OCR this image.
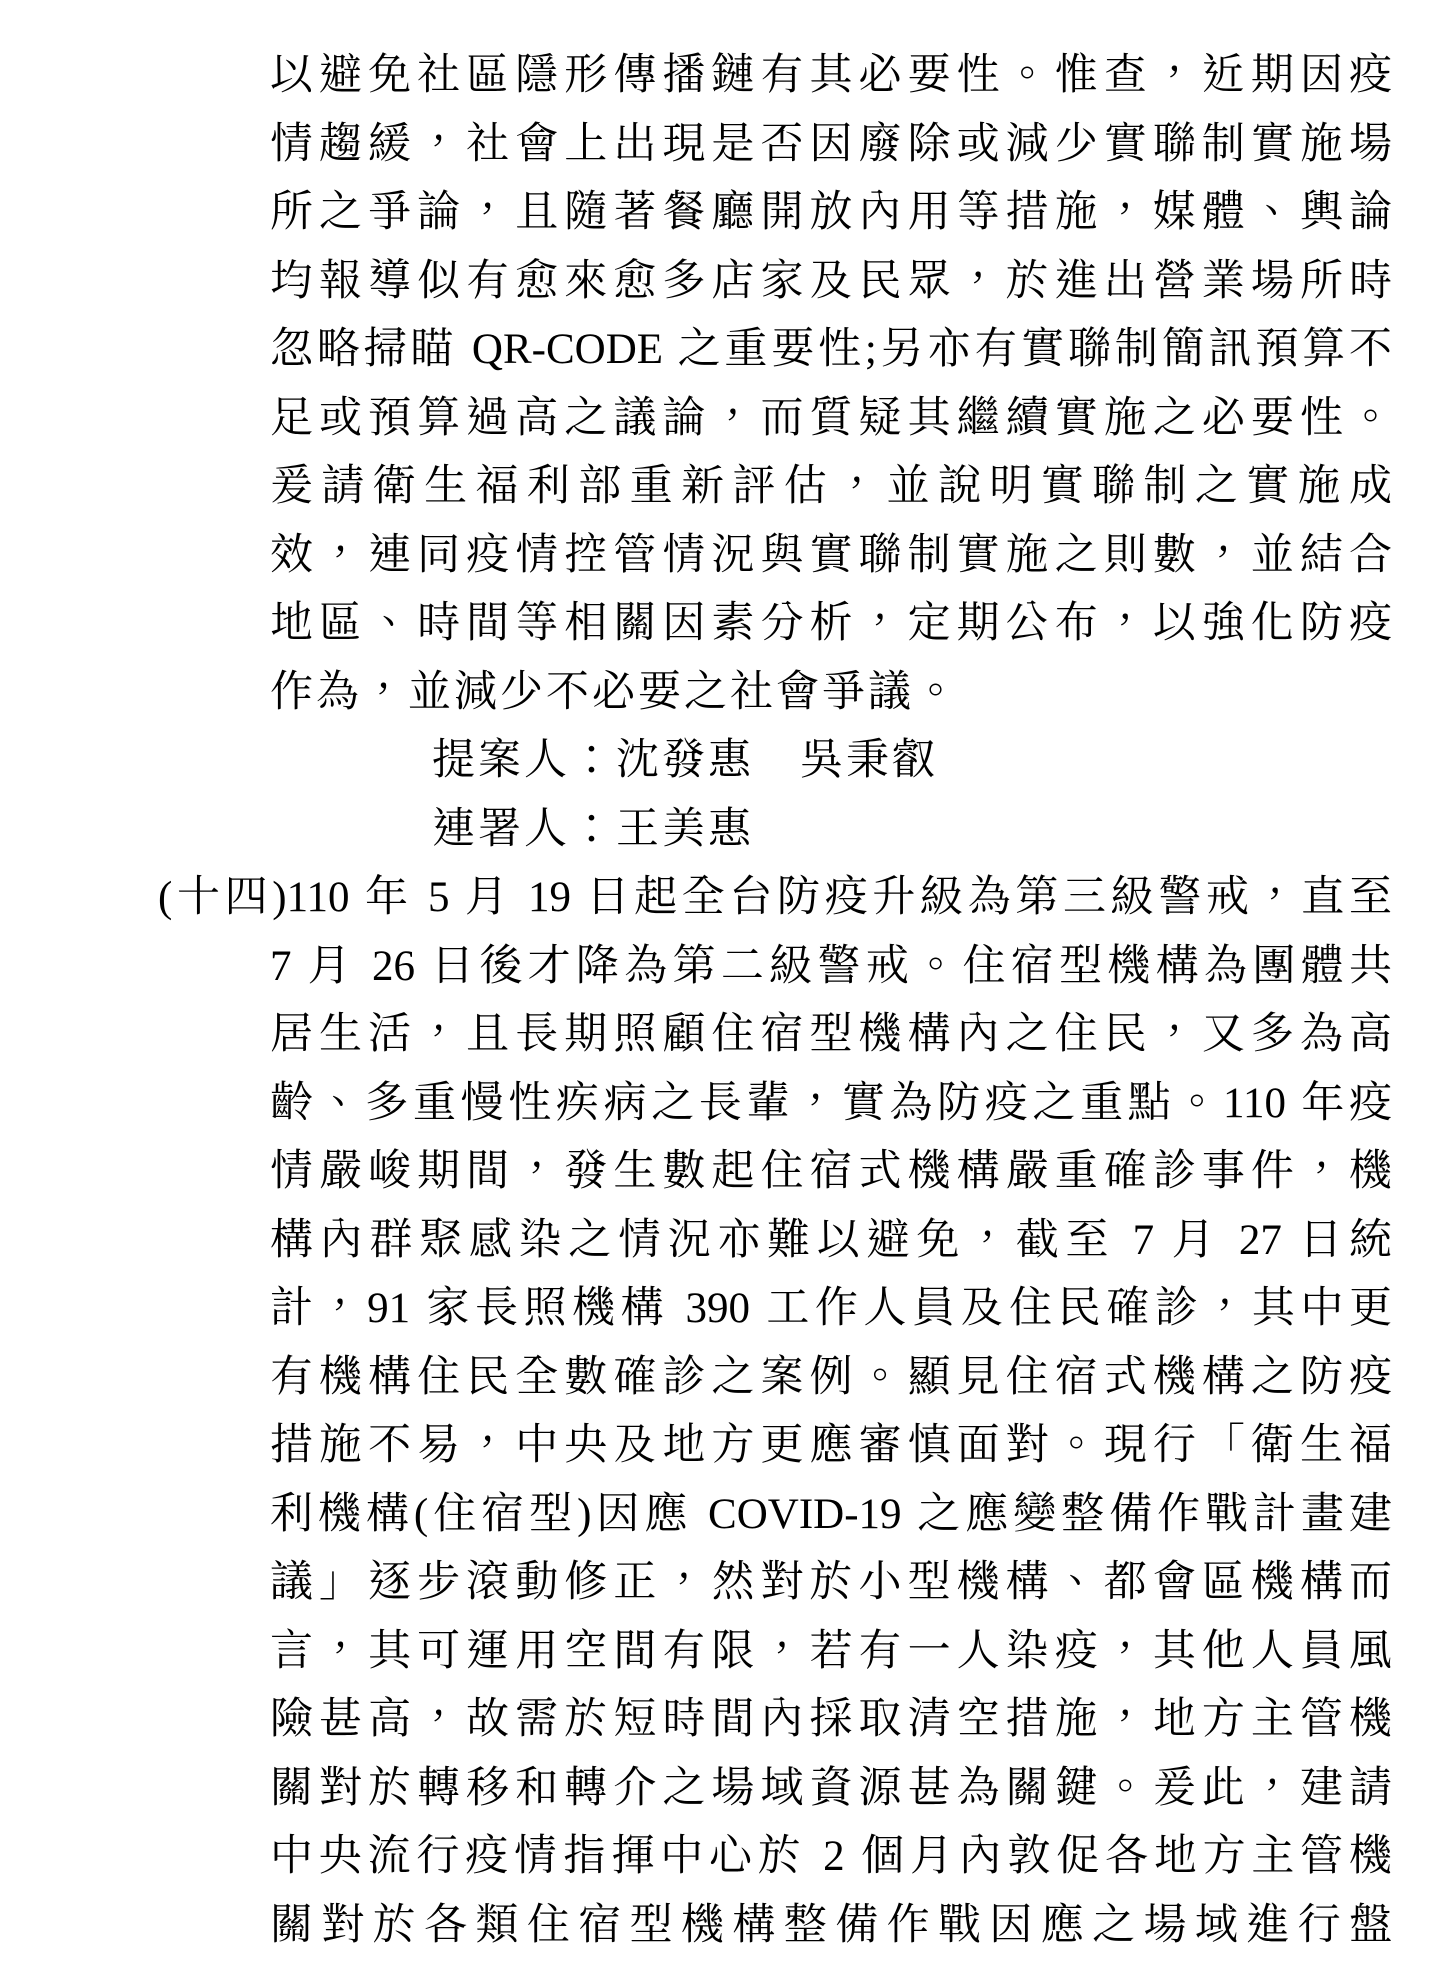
以避免社區隱形傳播鏈有其必要性。惟查，近期因疫
情趨緩，社會上出現是否因廢除或減少實聯制實施場
所之爭論，且隨著餐廳開放內用等措施，媒體、輿論
均報導似有愈來愈多店家及民眾，於進出營業場所時
忽略掃瞄 QR-CODE 之重要性;另亦有實聯制簡訊預算不
足或預算過高之議論，而質疑其繼續實施之必要性。
爰請衛生福利部重新評估，並說明實聯制之實施成
效，連同疫情控管情況與實聯制實施之則數，並結合
地區、時間等相關因素分析，定期公布，以強化防疫
作為，並減少不必要之社會爭議。
提案人：沈發惠　吳秉叡
連署人：王美惠
(十四)110 年 5 月 19 日起全台防疫升級為第三級警戒，直至
7 月 26 日後才降為第二級警戒。住宿型機構為團體共
居生活，且長期照顧住宿型機構內之住民，又多為高
齡、多重慢性疾病之長輩，實為防疫之重點。110 年疫
情嚴峻期間，發生數起住宿式機構嚴重確診事件，機
構內群聚感染之情況亦難以避免，截至 7 月 27 日統
計，91 家長照機構 390 工作人員及住民確診，其中更
有機構住民全數確診之案例。顯見住宿式機構之防疫
措施不易，中央及地方更應審慎面對。現行「衛生福
利機構(住宿型)因應 COVID-19 之應變整備作戰計畫建
議」逐步滾動修正，然對於小型機構、都會區機構而
言，其可運用空間有限，若有一人染疫，其他人員風
險甚高，故需於短時間內採取清空措施，地方主管機
關對於轉移和轉介之場域資源甚為關鍵。爰此，建請
中央流行疫情指揮中心於 2 個月內敦促各地方主管機
關對於各類住宿型機構整備作戰因應之場域進行盤
